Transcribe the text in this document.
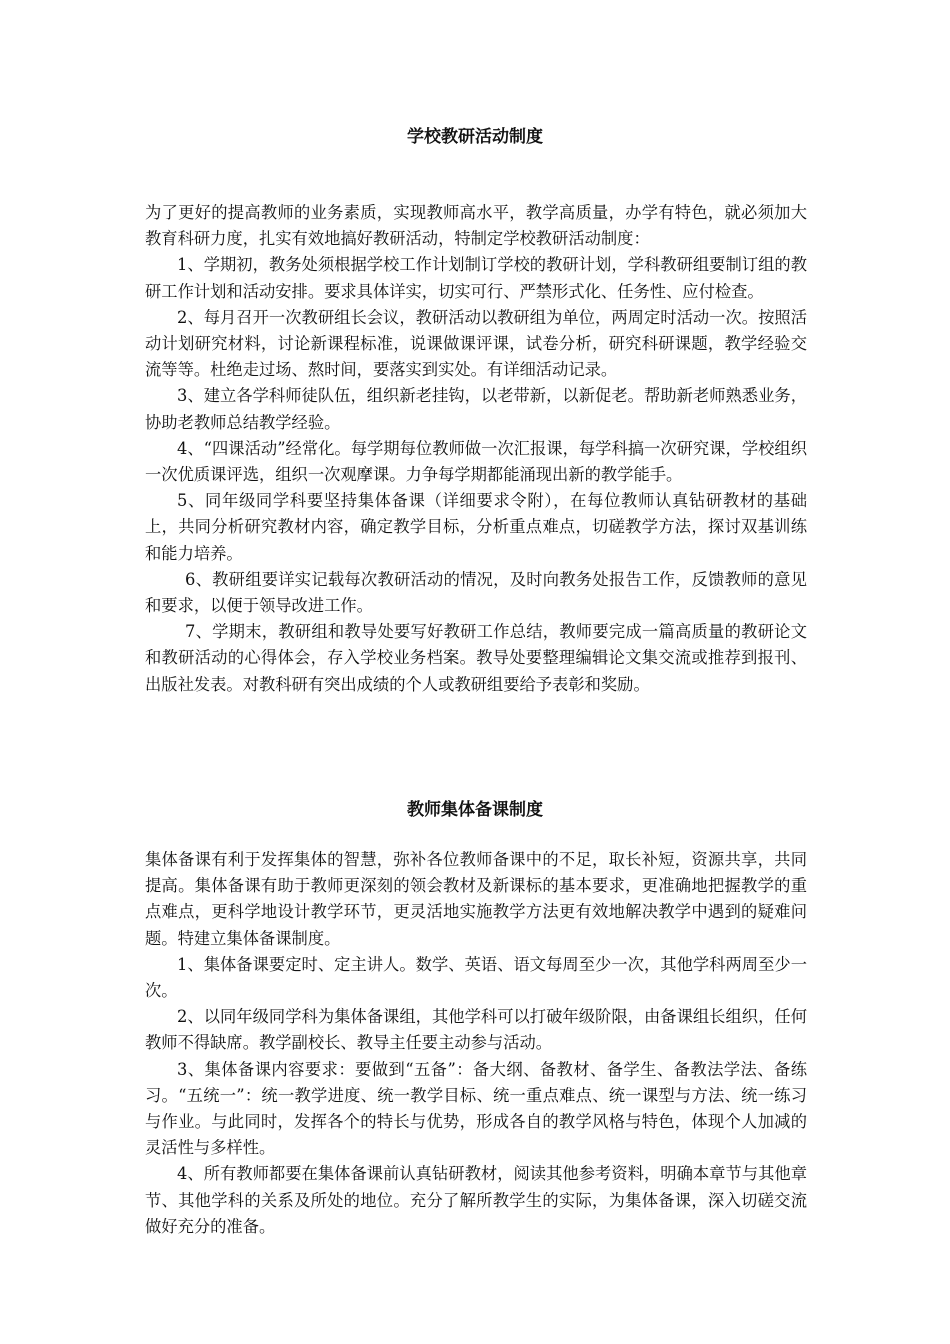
学校教研活动制度

为了更好的提高教师的业务素质，实现教师高水平，教学高质量，办学有特色，就必须加大教育科研力度，扎实有效地搞好教研活动，特制定学校教研活动制度：

1、学期初，教务处须根据学校工作计划制订学校的教研计划，学科教研组要制订组的教研工作计划和活动安排。要求具体详实，切实可行、严禁形式化、任务性、应付检查。

2、每月召开一次教研组长会议，教研活动以教研组为单位，两周定时活动一次。按照活动计划研究材料，讨论新课程标准，说课做课评课，试卷分析，研究科研课题，教学经验交流等等。杜绝走过场、熬时间，要落实到实处。有详细活动记录。

3、建立各学科师徒队伍，组织新老挂钩，以老带新，以新促老。帮助新老师熟悉业务，协助老教师总结教学经验。

4、“四课活动”经常化。每学期每位教师做一次汇报课，每学科搞一次研究课，学校组织一次优质课评选，组织一次观摩课。力争每学期都能涌现出新的教学能手。

5、同年级同学科要坚持集体备课（详细要求令附），在每位教师认真钻研教材的基础上，共同分析研究教材内容，确定教学目标，分析重点难点，切磋教学方法，探讨双基训练和能力培养。

6、教研组要详实记载每次教研活动的情况，及时向教务处报告工作，反馈教师的意见和要求，以便于领导改进工作。

7、学期末，教研组和教导处要写好教研工作总结，教师要完成一篇高质量的教研论文和教研活动的心得体会，存入学校业务档案。教导处要整理编辑论文集交流或推荐到报刊、出版社发表。对教科研有突出成绩的个人或教研组要给予表彰和奖励。

教师集体备课制度

集体备课有利于发挥集体的智慧，弥补各位教师备课中的不足，取长补短，资源共享，共同提高。集体备课有助于教师更深刻的领会教材及新课标的基本要求，更准确地把握教学的重点难点，更科学地设计教学环节，更灵活地实施教学方法更有效地解决教学中遇到的疑难问题。特建立集体备课制度。

1、集体备课要定时、定主讲人。数学、英语、语文每周至少一次，其他学科两周至少一次。

2、以同年级同学科为集体备课组，其他学科可以打破年级阶限，由备课组长组织，任何教师不得缺席。教学副校长、教导主任要主动参与活动。

3、集体备课内容要求：要做到“五备”：备大纲、备教材、备学生、备教法学法、备练习。“五统一”：统一教学进度、统一教学目标、统一重点难点、统一课型与方法、统一练习与作业。与此同时，发挥各个的特长与优势，形成各自的教学风格与特色，体现个人加减的灵活性与多样性。

4、所有教师都要在集体备课前认真钻研教材，阅读其他参考资料，明确本章节与其他章节、其他学科的关系及所处的地位。充分了解所教学生的实际，为集体备课，深入切磋交流做好充分的准备。
